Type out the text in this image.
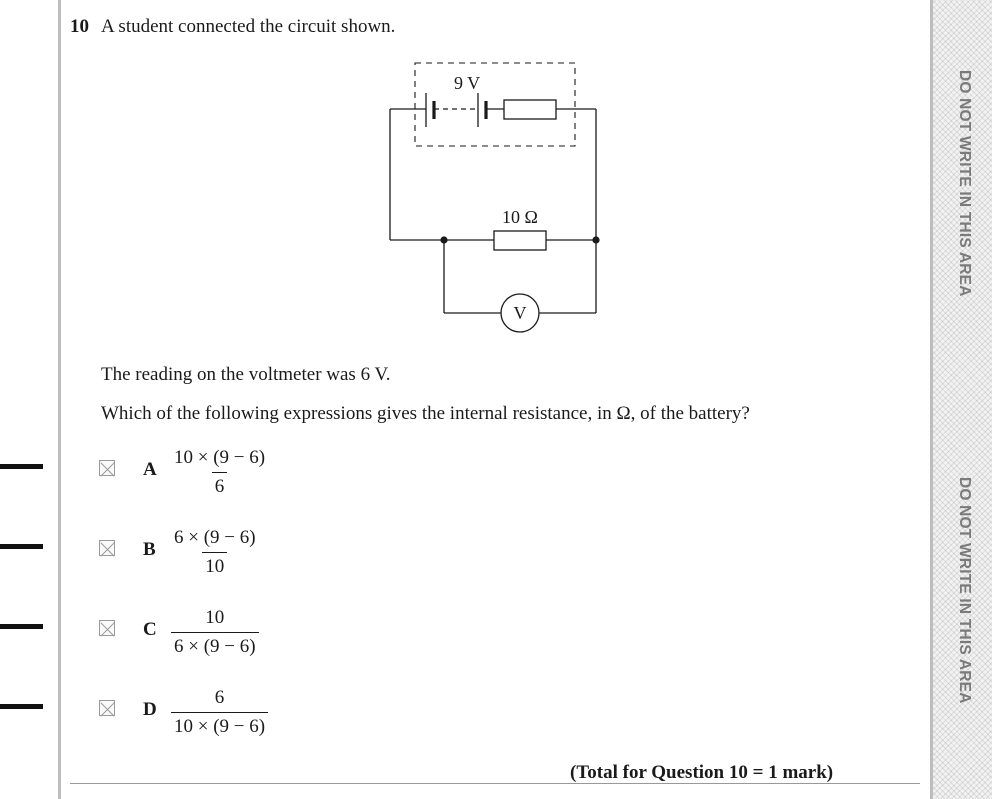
DO NOT WRITE IN THIS AREA
DO NOT WRITE IN THIS AREA
10 A student connected the circuit shown.
9 V
10 Ω
V
The reading on the voltmeter was 6 V.
Which of the following expressions gives the internal resistance, in Ω, of the battery?
A $\frac{10 \times (9 - 6)}{6}$
B $\frac{6 \times (9 - 6)}{10}$
C $\frac{10}{6 \times (9 - 6)}$
D $\frac{6}{10 \times (9 - 6)}$
(Total for Question 10 = 1 mark)
